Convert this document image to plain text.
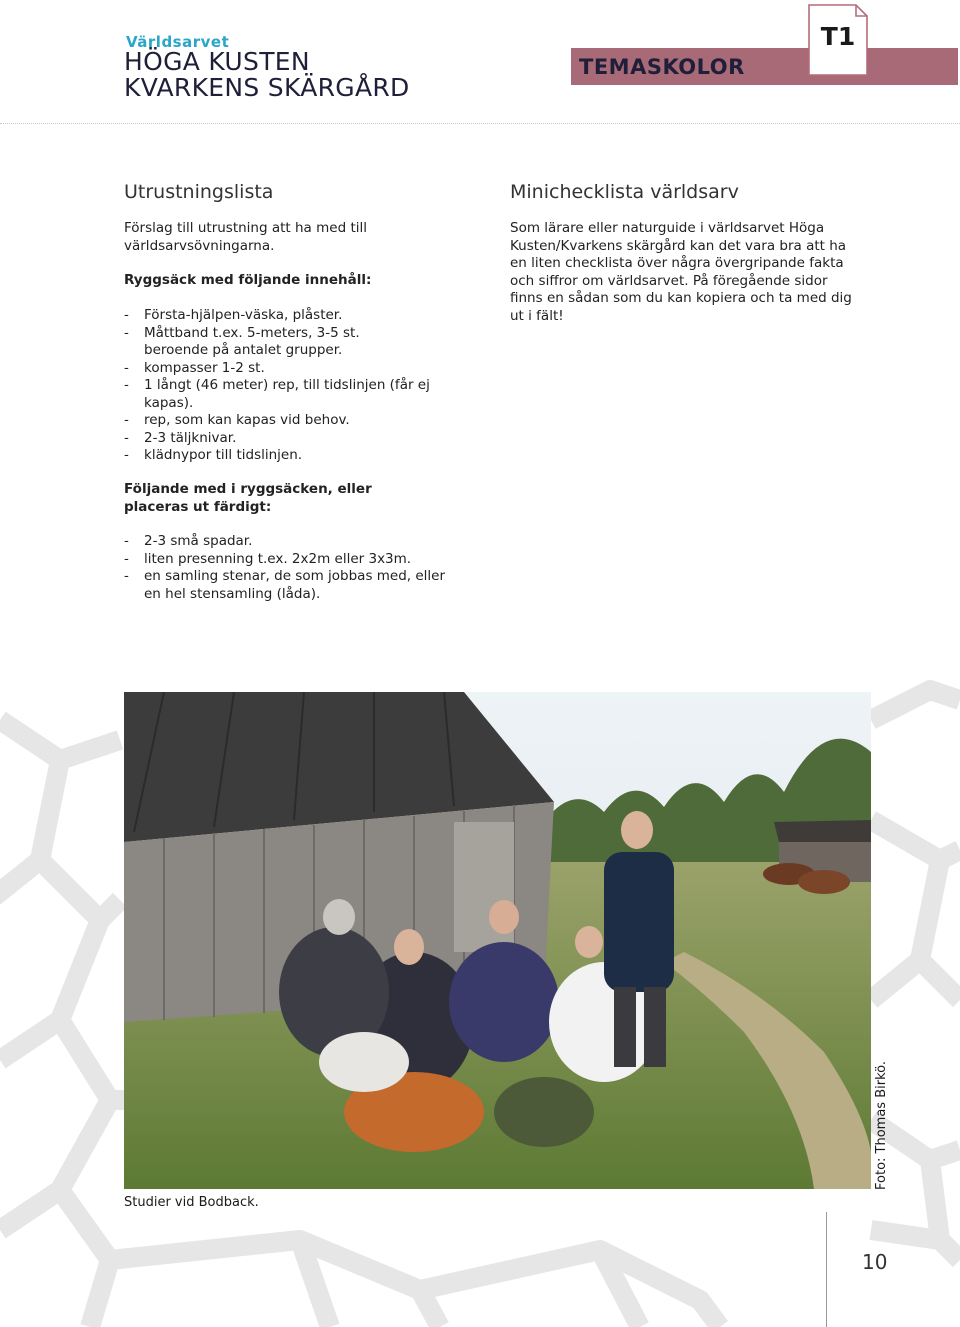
Världsarvet
HÖGA KUSTEN
KVARKENS SKÄRGÅRD
TEMASKOLOR
T1
Utrustningslista
Förslag till utrustning att ha med till världsarvsövningarna.
Ryggsäck med följande innehåll:
- Första-hjälpen-väska, plåster.
- Måttband t.ex. 5-meters, 3-5 st. beroende på antalet grupper.
- kompasser 1-2 st.
- 1 långt (46 meter) rep, till tidslinjen (får ej kapas).
- rep, som kan kapas vid behov.
- 2-3 täljknivar.
- klädnypor till tidslinjen.
Följande med i ryggsäcken, eller placeras ut färdigt:
- 2-3 små spadar.
- liten presenning t.ex. 2x2m eller 3x3m.
- en samling stenar, de som jobbas med, eller en hel stensamling (låda).
Minichecklista världsarv
Som lärare eller naturguide i världsarvet Höga Kusten/Kvarkens skärgård kan det vara bra att ha en liten checklista över några övergripande fakta och siffror om världsarvet. På föregående sidor finns en sådan som du kan kopiera och ta med dig ut i fält!
Studier vid Bodback.
Foto: Thomas Birkö.
10
